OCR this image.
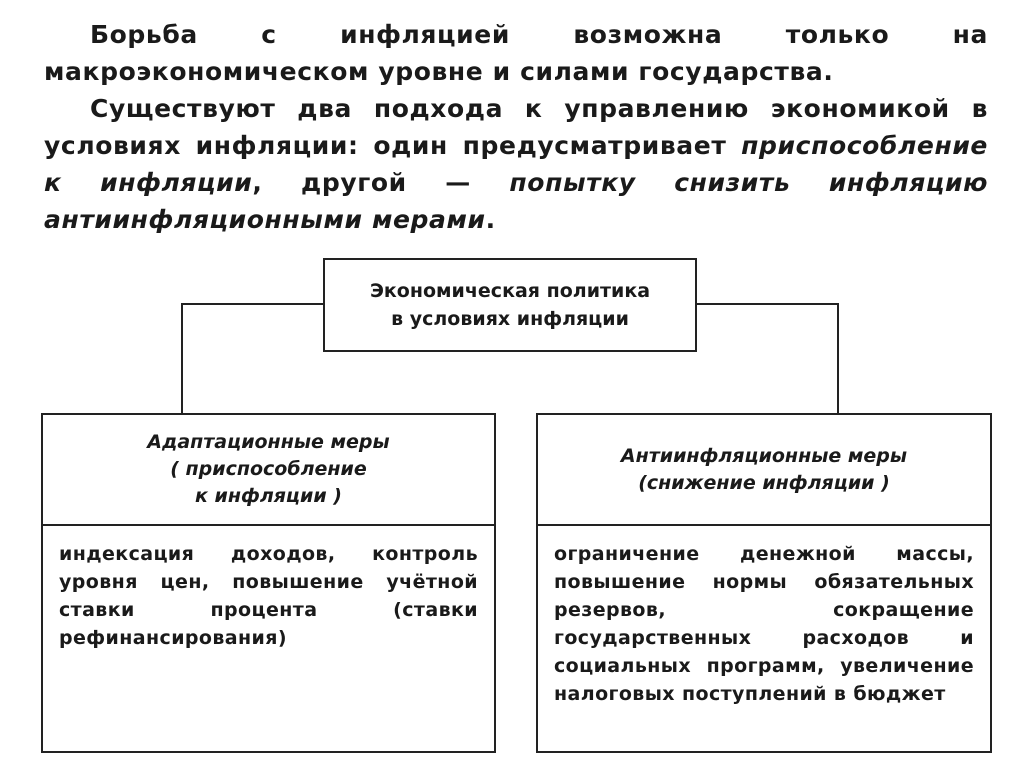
Борьба с инфляцией возможна только на макроэкономическом уровне и силами государства.

Существуют два подхода к управлению экономикой в условиях инфляции: один предусматривает приспособление к инфляции, другой — попытку снизить инфляцию антиинфляционными мерами.

Экономическая политика
в условиях инфляции
Адаптационные меры
( приспособление
к инфляции )
индексация доходов, контроль уровня цен, повышение учётной ставки процента (ставки рефинансирования)
Антиинфляционные меры
(снижение инфляции )
ограничение денежной массы, повышение нормы обязательных резервов, сокращение государственных расходов и социальных программ, увеличение налоговых поступлений в бюджет
